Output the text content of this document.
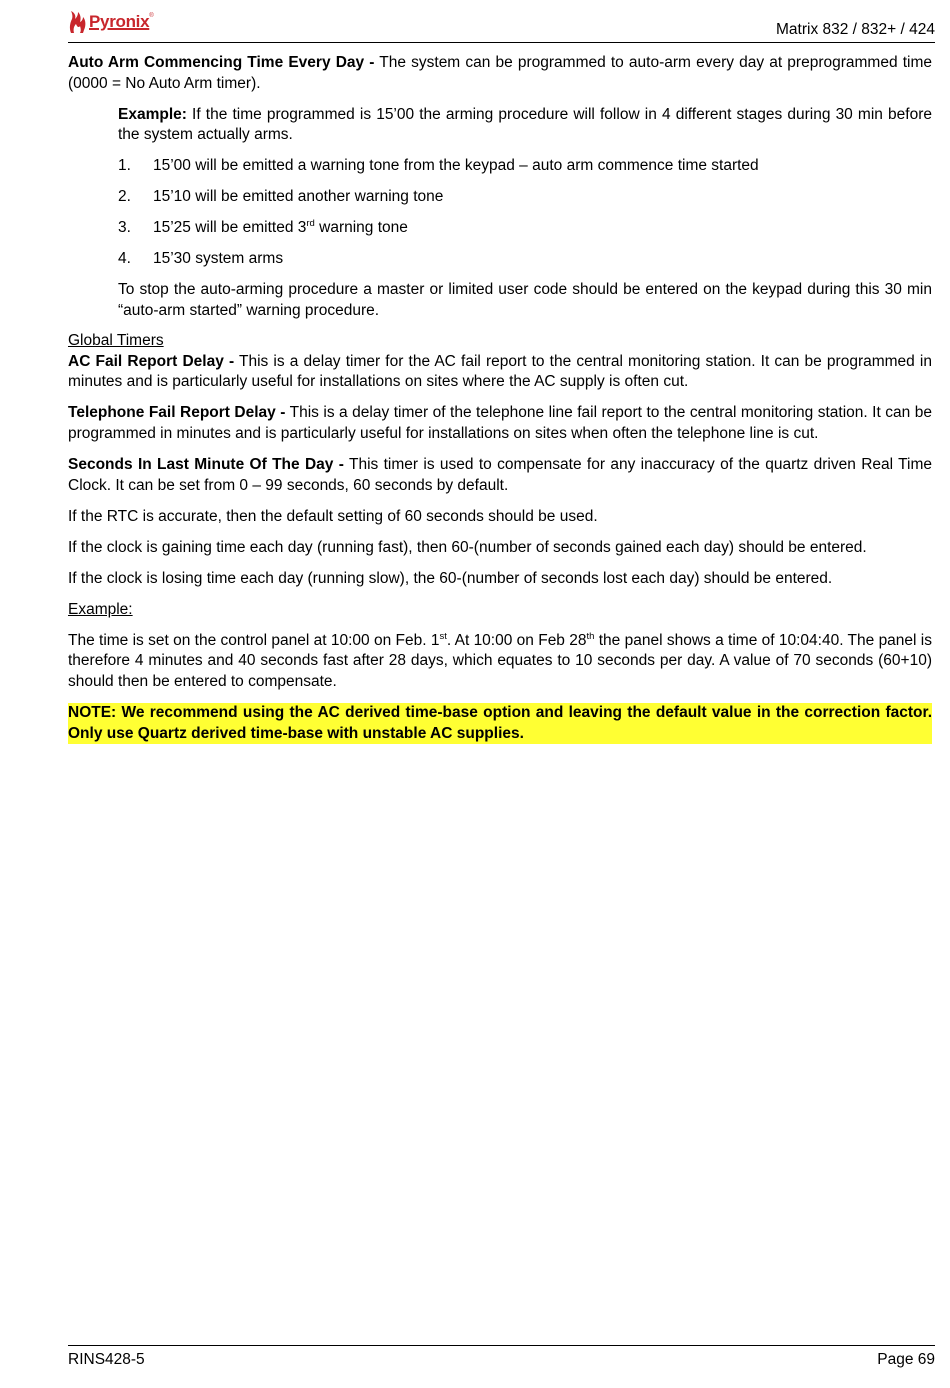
Pyronix ®
Matrix 832 / 832+ / 424

Auto Arm Commencing Time Every Day - The system can be programmed to auto-arm every day at preprogrammed time (0000 = No Auto Arm timer).

Example: If the time programmed is 15’00 the arming procedure will follow in 4 different stages during 30 min before the system actually arms.

1.	15’00 will be emitted a warning tone from the keypad – auto arm commence time started
2.	15’10 will be emitted another warning tone
3.	15’25 will be emitted 3rd warning tone
4.	15’30 system arms

To stop the auto-arming procedure a master or limited user code should be entered on the keypad during this 30 min “auto-arm started” warning procedure.

Global Timers

AC Fail Report Delay - This is a delay timer for the AC fail report to the central monitoring station. It can be programmed in minutes and is particularly useful for installations on sites where the AC supply is often cut.

Telephone Fail Report Delay - This is a delay timer of the telephone line fail report to the central monitoring station. It can be programmed in minutes and is particularly useful for installations on sites when often the telephone line is cut.

Seconds In Last Minute Of The Day - This timer is used to compensate for any inaccuracy of the quartz driven Real Time Clock. It can be set from 0 – 99 seconds, 60 seconds by default.

If the RTC is accurate, then the default setting of 60 seconds should be used.

If the clock is gaining time each day (running fast), then 60-(number of seconds gained each day) should be entered.

If the clock is losing time each day (running slow), the 60-(number of seconds lost each day) should be entered.

Example:

The time is set on the control panel at 10:00 on Feb. 1st. At 10:00 on Feb 28th the panel shows a time of 10:04:40. The panel is therefore 4 minutes and 40 seconds fast after 28 days, which equates to 10 seconds per day. A value of 70 seconds (60+10) should then be entered to compensate.

NOTE: We recommend using the AC derived time-base option and leaving the default value in the correction factor. Only use Quartz derived time-base with unstable AC supplies.

RINS428-5	Page 69
